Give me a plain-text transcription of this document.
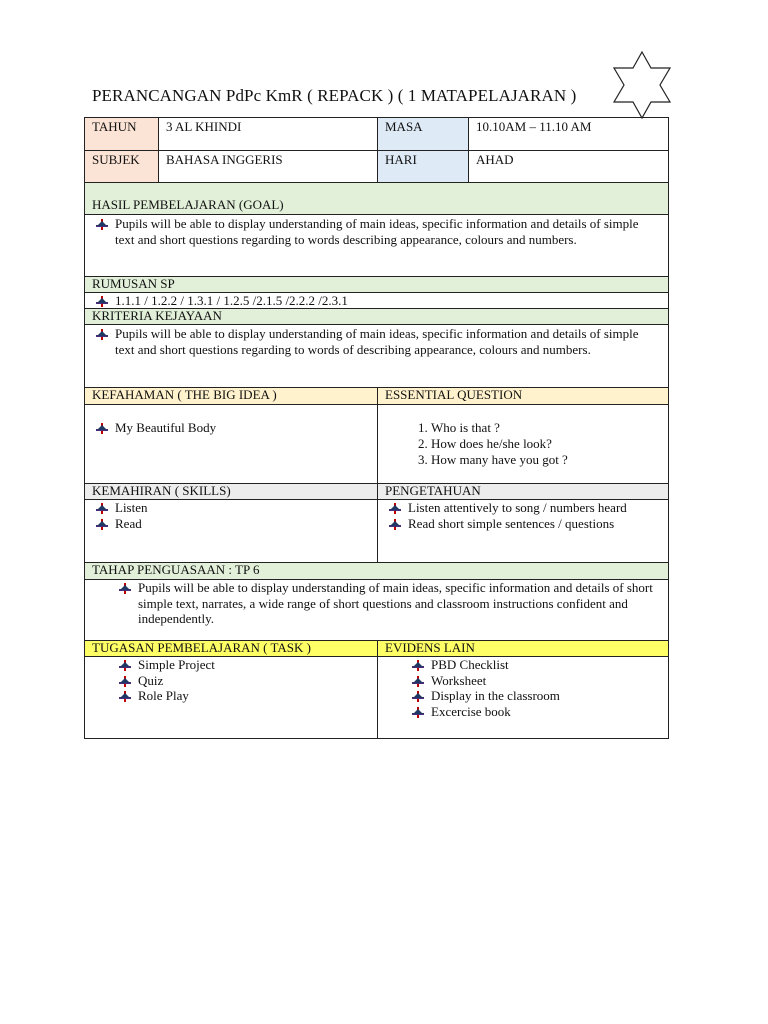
PERANCANGAN PdPc KmR ( REPACK ) ( 1 MATAPELAJARAN )
TAHUN	3 AL KHINDI	MASA	10.10AM – 11.10 AM
SUBJEK	BAHASA INGGERIS	HARI	AHAD
HASIL PEMBELAJARAN (GOAL)
Pupils will be able to display understanding of main ideas, specific information and details of simple text and short questions regarding to words describing appearance, colours and numbers.
RUMUSAN SP
1.1.1 / 1.2.2 / 1.3.1 / 1.2.5 /2.1.5 /2.2.2 /2.3.1
KRITERIA KEJAYAAN
Pupils will be able to display understanding of main ideas, specific information and details of simple text and short questions regarding to words of describing appearance, colours and numbers.
KEFAHAMAN ( THE BIG IDEA )	ESSENTIAL QUESTION
My Beautiful Body
1.	Who is that ?
2. How does he/she look?
3. How many have you got ?
KEMAHIRAN ( SKILLS)	PENGETAHUAN
Listen
Read
Listen attentively to song / numbers heard
Read short simple sentences / questions
TAHAP PENGUASAAN : TP 6
Pupils will be able to display understanding of main ideas, specific information and details of short simple text, narrates, a wide range of short questions and classroom instructions confident and independently.
TUGASAN PEMBELAJARAN ( TASK )	EVIDENS LAIN
Simple Project
Quiz
Role Play
PBD Checklist
Worksheet
Display in the classroom
Excercise book
